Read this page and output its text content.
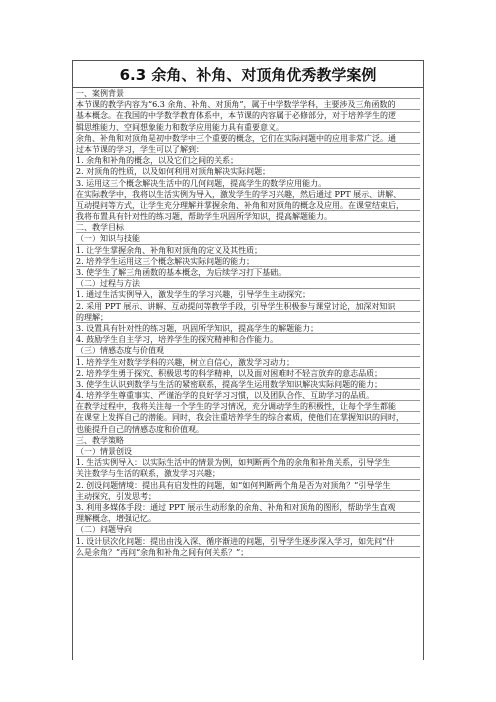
6.3 余角、补角、对顶角优秀教学案例
一、案例背景
本节课的教学内容为“6.3 余角、补角、对顶角”，属于中学数学学科，主要涉及三角函数的
基本概念。在我国的中学数学教育体系中，本节课的内容属于必修部分，对于培养学生的逻
辑思维能力、空间想象能力和数学应用能力具有重要意义。
余角、补角和对顶角是初中数学中三个重要的概念，它们在实际问题中的应用非常广泛。通
过本节课的学习，学生可以了解到：
1. 余角和补角的概念，以及它们之间的关系；
2. 对顶角的性质，以及如何利用对顶角解决实际问题；
3. 运用这三个概念解决生活中的几何问题，提高学生的数学应用能力。
在实际教学中，我将以生活实例为导入，激发学生的学习兴趣，然后通过 PPT 展示、讲解、
互动提问等方式，让学生充分理解并掌握余角、补角和对顶角的概念及应用。在课堂结束后，
我将布置具有针对性的练习题，帮助学生巩固所学知识，提高解题能力。
二、教学目标
（一）知识与技能
1. 让学生掌握余角、补角和对顶角的定义及其性质；
2. 培养学生运用这三个概念解决实际问题的能力；
3. 使学生了解三角函数的基本概念，为后续学习打下基础。
（二）过程与方法
1. 通过生活实例导入，激发学生的学习兴趣，引导学生主动探究；
2. 采用 PPT 展示、讲解、互动提问等教学手段，引导学生积极参与课堂讨论，加深对知识
的理解；
3. 设置具有针对性的练习题，巩固所学知识，提高学生的解题能力；
4. 鼓励学生自主学习，培养学生的探究精神和合作能力。
（三）情感态度与价值观
1. 培养学生对数学学科的兴趣，树立自信心，激发学习动力；
2. 培养学生勇于探究、积极思考的科学精神，以及面对困难时不轻言放弃的意志品质；
3. 使学生认识到数学与生活的紧密联系，提高学生运用数学知识解决实际问题的能力；
4. 培养学生尊重事实、严谨治学的良好学习习惯，以及团队合作、互助学习的品质。
在教学过程中，我将关注每一个学生的学习情况，充分调动学生的积极性，让每个学生都能
在课堂上发挥自己的潜能。同时，我会注重培养学生的综合素质，使他们在掌握知识的同时，
也能提升自己的情感态度和价值观。
三、教学策略
（一）情景创设
1. 生活实例导入：以实际生活中的情景为例，如判断两个角的余角和补角关系，引导学生
关注数学与生活的联系，激发学习兴趣；
2. 创设问题情境：提出具有启发性的问题，如“如何判断两个角是否为对顶角？”引导学生
主动探究，引发思考；
3. 利用多媒体手段：通过 PPT 展示生动形象的余角、补角和对顶角的图形，帮助学生直观
理解概念，增强记忆。
（二）问题导向
1. 设计层次化问题：提出由浅入深、循序渐进的问题，引导学生逐步深入学习，如先问“什
么是余角？”再问“余角和补角之间有何关系？”；
